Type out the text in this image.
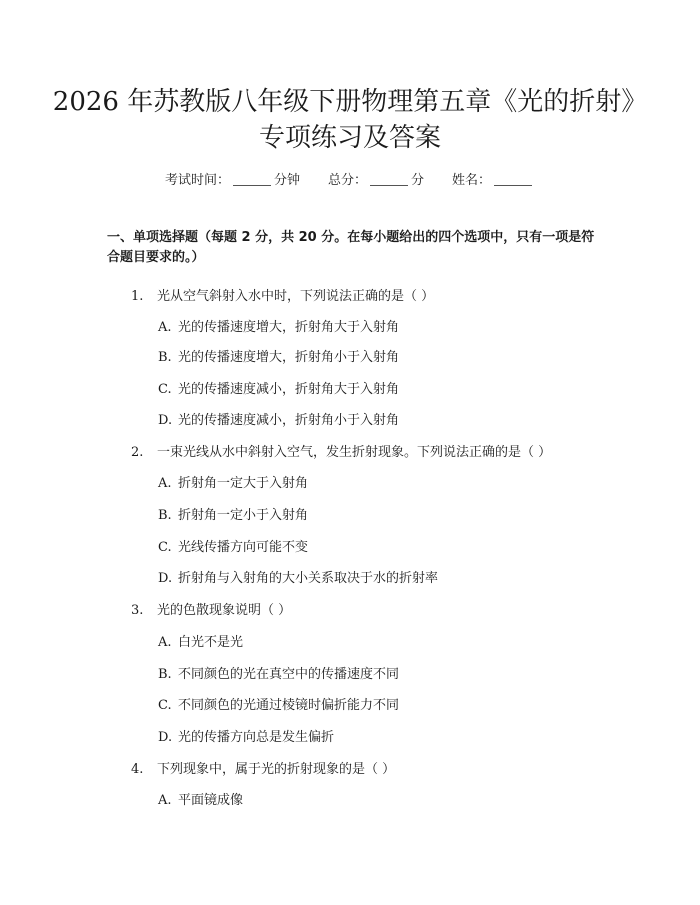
2026 年苏教版八年级下册物理第五章《光的折射》专项练习及答案
考试时间：	分钟 总分：	分 姓名：
一、单项选择题（每题 2 分，共 20 分。在每小题给出的四个选项中，只有一项是符合题目要求的。）
1. 光从空气斜射入水中时，下列说法正确的是（ ）
A. 光的传播速度增大，折射角大于入射角
B. 光的传播速度增大，折射角小于入射角
C. 光的传播速度减小，折射角大于入射角
D. 光的传播速度减小，折射角小于入射角
2. 一束光线从水中斜射入空气，发生折射现象。下列说法正确的是（ ）
A. 折射角一定大于入射角
B. 折射角一定小于入射角
C. 光线传播方向可能不变
D. 折射角与入射角的大小关系取决于水的折射率
3. 光的色散现象说明（ ）
A. 白光不是光
B. 不同颜色的光在真空中的传播速度不同
C. 不同颜色的光通过棱镜时偏折能力不同
D. 光的传播方向总是发生偏折
4. 下列现象中，属于光的折射现象的是（ ）
A. 平面镜成像
